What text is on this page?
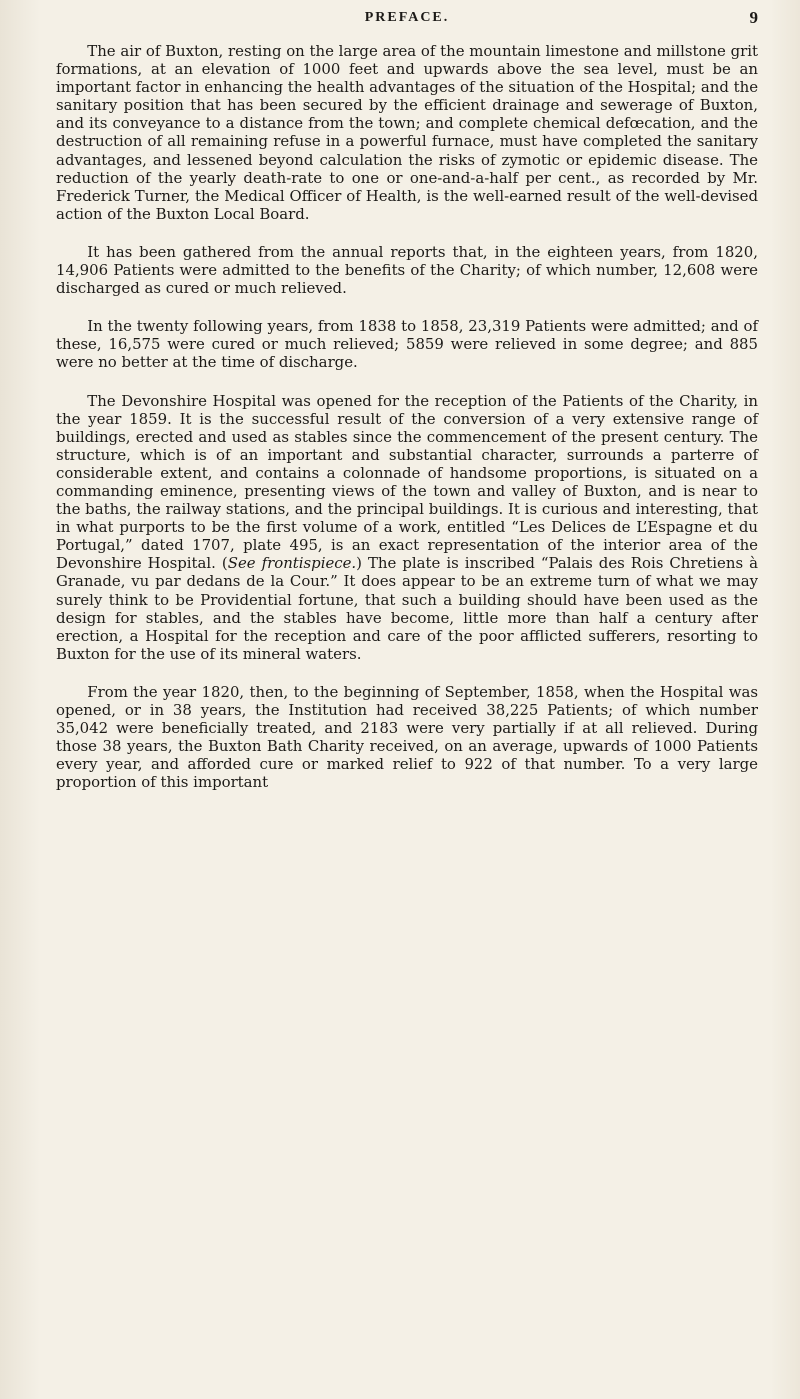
PREFACE.	9

The air of Buxton, resting on the large area of the mountain limestone and millstone grit formations, at an elevation of 1000 feet and upwards above the sea level, must be an important factor in enhancing the health advantages of the situation of the Hospital; and the sanitary position that has been secured by the efficient drainage and sewerage of Buxton, and its conveyance to a distance from the town; and complete chemical defœcation, and the destruction of all remaining refuse in a powerful furnace, must have completed the sanitary advantages, and lessened beyond calculation the risks of zymotic or epidemic disease. The reduction of the yearly death-rate to one or one-and-a-half per cent., as recorded by Mr. Frederick Turner, the Medical Officer of Health, is the well-earned result of the well-devised action of the Buxton Local Board.

It has been gathered from the annual reports that, in the eighteen years, from 1820, 14,906 Patients were admitted to the benefits of the Charity; of which number, 12,608 were discharged as cured or much relieved.

In the twenty following years, from 1838 to 1858, 23,319 Patients were admitted; and of these, 16,575 were cured or much relieved; 5859 were relieved in some degree; and 885 were no better at the time of discharge.

The Devonshire Hospital was opened for the reception of the Patients of the Charity, in the year 1859. It is the successful result of the conversion of a very extensive range of buildings, erected and used as stables since the commencement of the present century. The structure, which is of an important and substantial character, surrounds a parterre of considerable extent, and contains a colonnade of handsome proportions, is situated on a commanding eminence, presenting views of the town and valley of Buxton, and is near to the baths, the railway stations, and the principal buildings. It is curious and interesting, that in what purports to be the first volume of a work, entitled “Les Delices de L’Espagne et du Portugal,” dated 1707, plate 495, is an exact representation of the interior area of the Devonshire Hospital. (See frontispiece.) The plate is inscribed “Palais des Rois Chretiens à Granade, vu par dedans de la Cour.” It does appear to be an extreme turn of what we may surely think to be Providential fortune, that such a building should have been used as the design for stables, and the stables have become, little more than half a century after erection, a Hospital for the reception and care of the poor afflicted sufferers, resorting to Buxton for the use of its mineral waters.

From the year 1820, then, to the beginning of September, 1858, when the Hospital was opened, or in 38 years, the Institution had received 38,225 Patients; of which number 35,042 were beneficially treated, and 2183 were very partially if at all relieved. During those 38 years, the Buxton Bath Charity received, on an average, upwards of 1000 Patients every year, and afforded cure or marked relief to 922 of that number. To a very large proportion of this important
